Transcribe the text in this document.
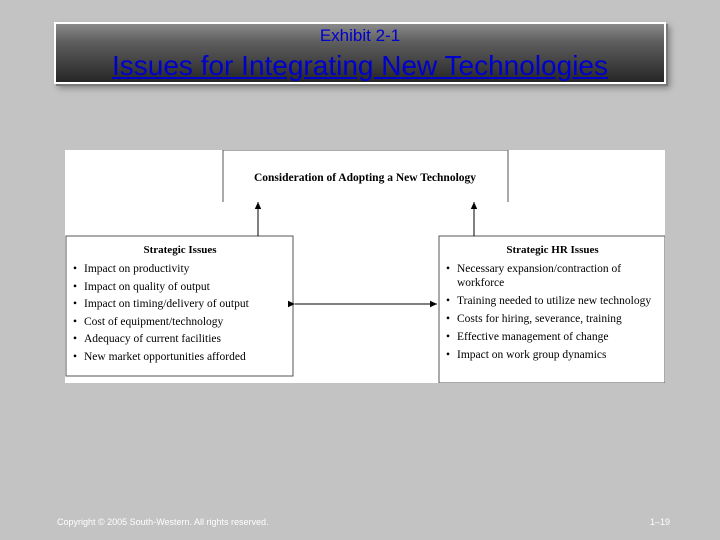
Exhibit 2-1
Issues for Integrating New Technologies
Consideration of Adopting a New Technology
Strategic Issues
• Impact on productivity
• Impact on quality of output
• Impact on timing/delivery of output
• Cost of equipment/technology
• Adequacy of current facilities
• New market opportunities afforded
Strategic HR Issues
• Necessary expansion/contraction of workforce
• Training needed to utilize new technology
• Costs for hiring, severance, training
• Effective management of change
• Impact on work group dynamics
Copyright © 2005 South-Western. All rights reserved.	1–19
